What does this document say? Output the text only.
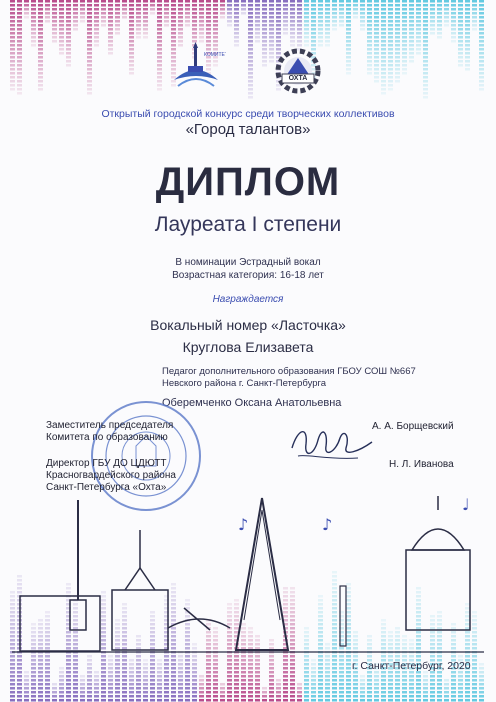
КОМИТЕТ
ОХТА
Открытый городской конкурс среди творческих коллективов
«Город талантов»
ДИПЛОМ
Лауреата I степени
В номинации Эстрадный вокал
Возрастная категория: 16-18 лет
Награждается
Вокальный номер «Ласточка»
Круглова Елизавета
Педагог дополнительного образования ГБОУ СОШ №667
Невского района г. Санкт-Петербурга
Оберемченко Оксана Анатольевна
Заместитель председателя
Комитета по образованию
А. А. Борщевский
Директор ГБУ ДО ЦДЮТТ
Красногвардейского района
Санкт-Петербурга «Охта»
Н. Л. Иванова
♪	♪
♩
г. Санкт-Петербург, 2020
